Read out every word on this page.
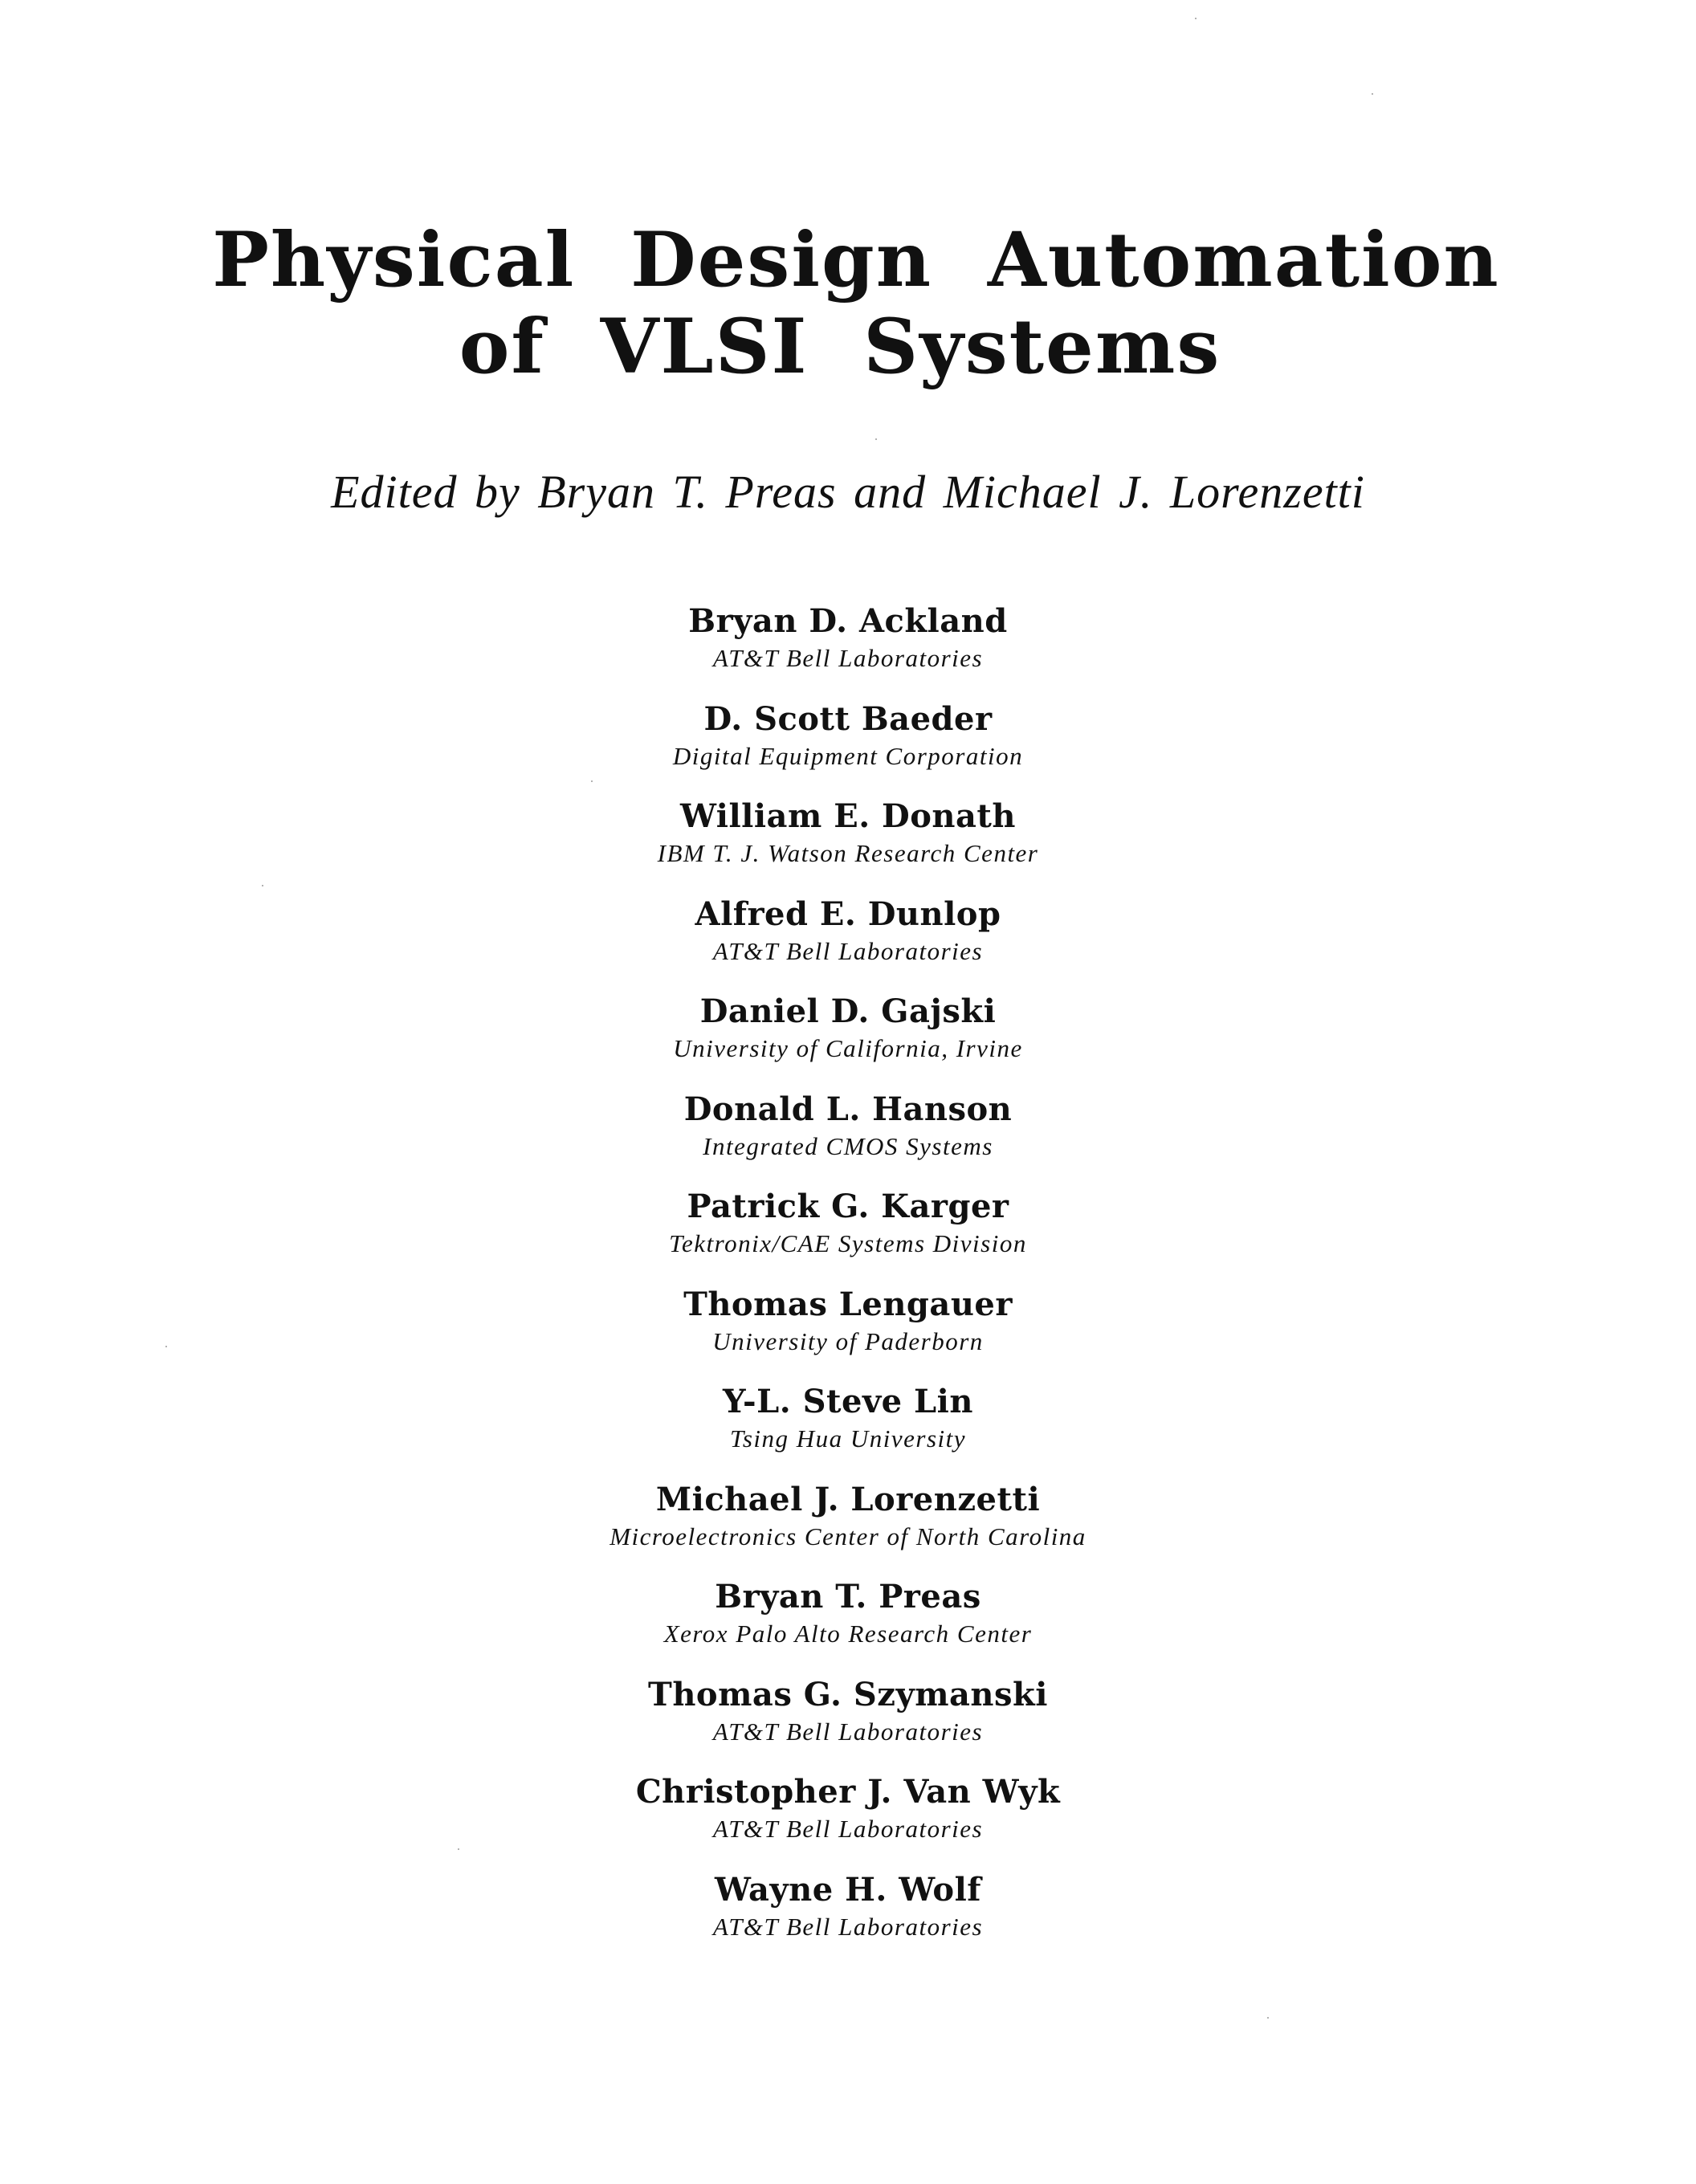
Physical Design Automation
of VLSI Systems
Edited by Bryan T. Preas and Michael J. Lorenzetti
Bryan D. Ackland
AT&T Bell Laboratories
D. Scott Baeder
Digital Equipment Corporation
William E. Donath
IBM T. J. Watson Research Center
Alfred E. Dunlop
AT&T Bell Laboratories
Daniel D. Gajski
University of California, Irvine
Donald L. Hanson
Integrated CMOS Systems
Patrick G. Karger
Tektronix/CAE Systems Division
Thomas Lengauer
University of Paderborn
Y-L. Steve Lin
Tsing Hua University
Michael J. Lorenzetti
Microelectronics Center of North Carolina
Bryan T. Preas
Xerox Palo Alto Research Center
Thomas G. Szymanski
AT&T Bell Laboratories
Christopher J. Van Wyk
AT&T Bell Laboratories
Wayne H. Wolf
AT&T Bell Laboratories
